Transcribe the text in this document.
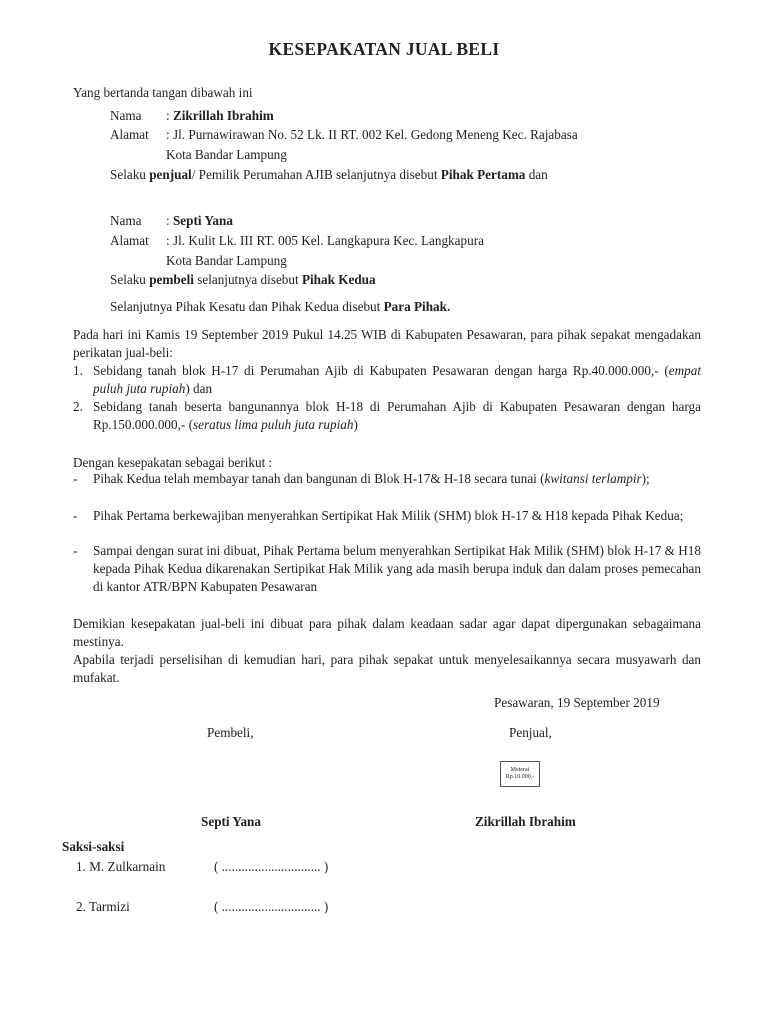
KESEPAKATAN JUAL BELI
Yang bertanda tangan dibawah ini
Nama : Zikrillah Ibrahim
Alamat : Jl. Purnawirawan No. 52 Lk. II RT. 002 Kel. Gedong Meneng Kec. Rajabasa
Kota Bandar Lampung
Selaku penjual/ Pemilik Perumahan AJIB selanjutnya disebut Pihak Pertama dan
Nama : Septi Yana
Alamat : Jl. Kulit Lk. III RT. 005 Kel. Langkapura Kec. Langkapura
Kota Bandar Lampung
Selaku pembeli selanjutnya disebut Pihak Kedua
Selanjutnya Pihak Kesatu dan Pihak Kedua disebut Para Pihak.
Pada hari ini Kamis 19 September 2019 Pukul 14.25 WIB di Kabupaten Pesawaran, para pihak sepakat mengadakan perikatan jual-beli:
1. Sebidang tanah blok H-17 di Perumahan Ajib di Kabupaten Pesawaran dengan harga Rp.40.000.000,- (empat puluh juta rupiah) dan
2. Sebidang tanah beserta bangunannya blok H-18 di Perumahan Ajib di Kabupaten Pesawaran dengan harga Rp.150.000.000,- (seratus lima puluh juta rupiah)
Dengan kesepakatan sebagai berikut :
- Pihak Kedua telah membayar tanah dan bangunan di Blok H-17& H-18 secara tunai (kwitansi terlampir);
- Pihak Pertama berkewajiban menyerahkan Sertipikat Hak Milik (SHM) blok H-17 & H18 kepada Pihak Kedua;
- Sampai dengan surat ini dibuat, Pihak Pertama belum menyerahkan Sertipikat Hak Milik (SHM) blok H-17 & H18 kepada Pihak Kedua dikarenakan Sertipikat Hak Milik yang ada masih berupa induk dan dalam proses pemecahan di kantor ATR/BPN Kabupaten Pesawaran
Demikian kesepakatan jual-beli ini dibuat para pihak dalam keadaan sadar agar dapat dipergunakan sebagaimana mestinya.
Apabila terjadi perselisihan di kemudian hari, para pihak sepakat untuk menyelesaikannya secara musyawarh dan mufakat.
Pesawaran, 19 September 2019
Pembeli,	Penjual,
Meterai
Rp.10.000,-
Septi Yana	Zikrillah Ibrahim
Saksi-saksi
1. M. Zulkarnain	( .............................. )
2. Tarmizi	( .............................. )
